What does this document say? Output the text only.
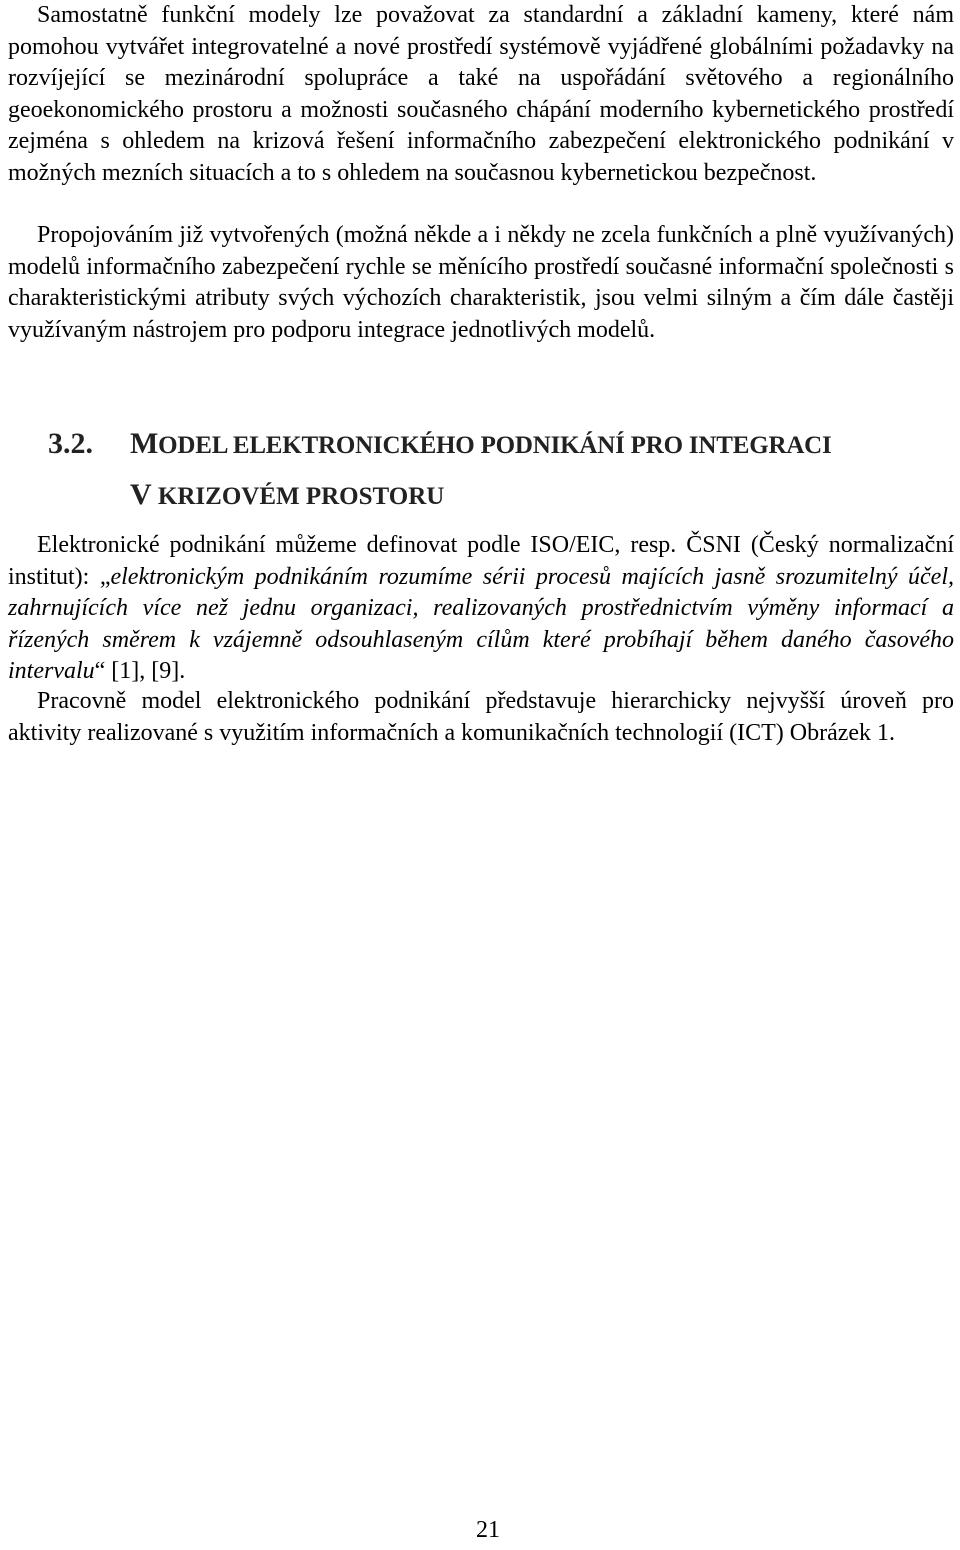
Samostatně funkční modely lze považovat za standardní a základní kameny, které nám pomohou vytvářet integrovatelné a nové prostředí systémově vyjádřené globálními požadavky na rozvíjející se mezinárodní spolupráce a také na uspořádání světového a regionálního geoekonomického prostoru a možnosti současného chápání moderního kybernetického prostředí zejména s ohledem na krizová řešení informačního zabezpečení elektronického podnikání v možných mezních situacích a to s ohledem na současnou kybernetickou bezpečnost.

Propojováním již vytvořených (možná někde a i někdy ne zcela funkčních a plně využívaných) modelů informačního zabezpečení rychle se měnícího prostředí současné informační společnosti s charakteristickými atributy svých výchozích charakteristik, jsou velmi silným a čím dále častěji využívaným nástrojem pro podporu integrace jednotlivých modelů.

3.2. MODEL ELEKTRONICKÉHO PODNIKÁNÍ PRO INTEGRACI
V KRIZOVÉM PROSTORU

Elektronické podnikání můžeme definovat podle ISO/EIC, resp. ČSNI (Český normalizační institut): „elektronickým podnikáním rozumíme sérii procesů majících jasně srozumitelný účel, zahrnujících více než jednu organizaci, realizovaných prostřednictvím výměny informací a řízených směrem k vzájemně odsouhlaseným cílům které probíhají během daného časového intervalu“ [1], [9].

Pracovně model elektronického podnikání představuje hierarchicky nejvyšší úroveň pro aktivity realizované s využitím informačních a komunikačních technologií (ICT) Obrázek 1.

21
